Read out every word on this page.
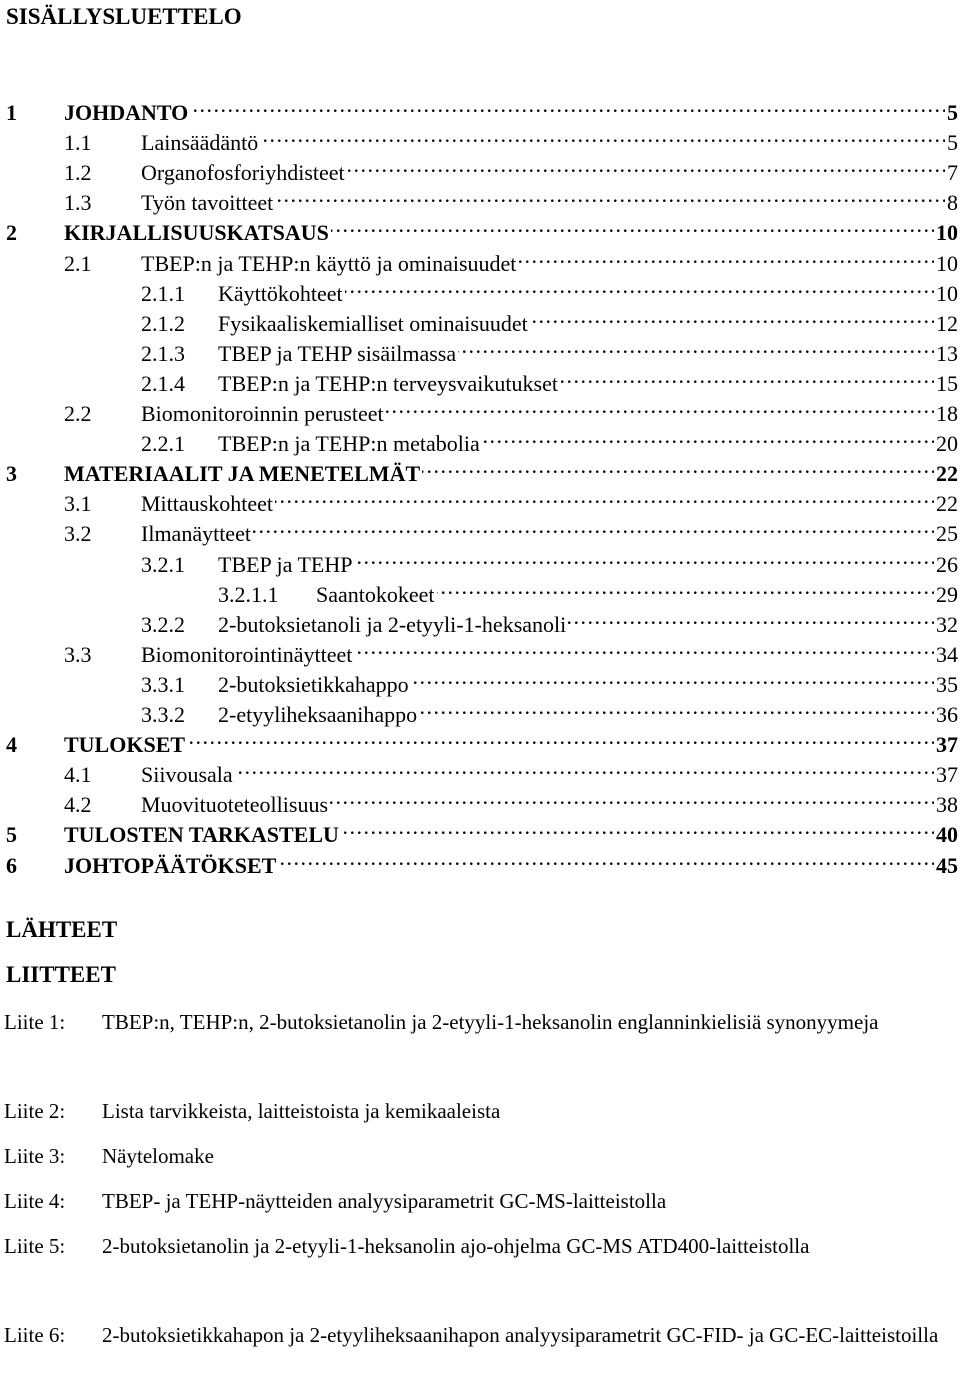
SISÄLLYSLUETTELO
1	JOHDANTO . . .	5
1.1	Lainsäädäntö . . .	5
1.2	Organofosforiyhdisteet . . .	7
1.3	Työn tavoitteet . . .	8
2	KIRJALLISUUSKATSAUS . . .	10
2.1	TBEP:n ja TEHP:n käyttö ja ominaisuudet . . .	10
2.1.1	Käyttökohteet . . .	10
2.1.2	Fysikaaliskemialliset ominaisuudet . . .	12
2.1.3	TBEP ja TEHP sisäilmassa . . .	13
2.1.4	TBEP:n ja TEHP:n terveysvaikutukset . . .	15
2.2	Biomonitoroinnin perusteet . . .	18
2.2.1	TBEP:n ja TEHP:n metabolia . . .	20
3	MATERIAALIT JA MENETELMÄT . . .	22
3.1	Mittauskohteet . . .	22
3.2	Ilmanäytteet . . .	25
3.2.1	TBEP ja TEHP . . .	26
3.2.1.1	Saantokokeet . . .	29
3.2.2	2-butoksietanoli ja 2-etyyli-1-heksanoli . . .	32
3.3	Biomonitorointinäytteet . . .	34
3.3.1	2-butoksietikkahappo . . .	35
3.3.2	2-etyyliheksaanihappo . . .	36
4	TULOKSET . . .	37
4.1	Siivousala . . .	37
4.2	Muovituoteteollisuus . . .	38
5	TULOSTEN TARKASTELU . . .	40
6	JOHTOPÄÄTÖKSET . . .	45
LÄHTEET
LIITTEET
Liite 1:	TBEP:n, TEHP:n, 2-butoksietanolin ja 2-etyyli-1-heksanolin englanninkielisiä synonyymeja
Liite 2:	Lista tarvikkeista, laitteistoista ja kemikaaleista
Liite 3:	Näytelomake
Liite 4:	TBEP- ja TEHP-näytteiden analyysiparametrit GC-MS-laitteistolla
Liite 5:	2-butoksietanolin ja 2-etyyli-1-heksanolin ajo-ohjelma GC-MS ATD400-laitteistolla
Liite 6:	2-butoksietikkahapon ja 2-etyyliheksaanihapon analyysiparametrit GC-FID- ja GC-EC-laitteistoilla
